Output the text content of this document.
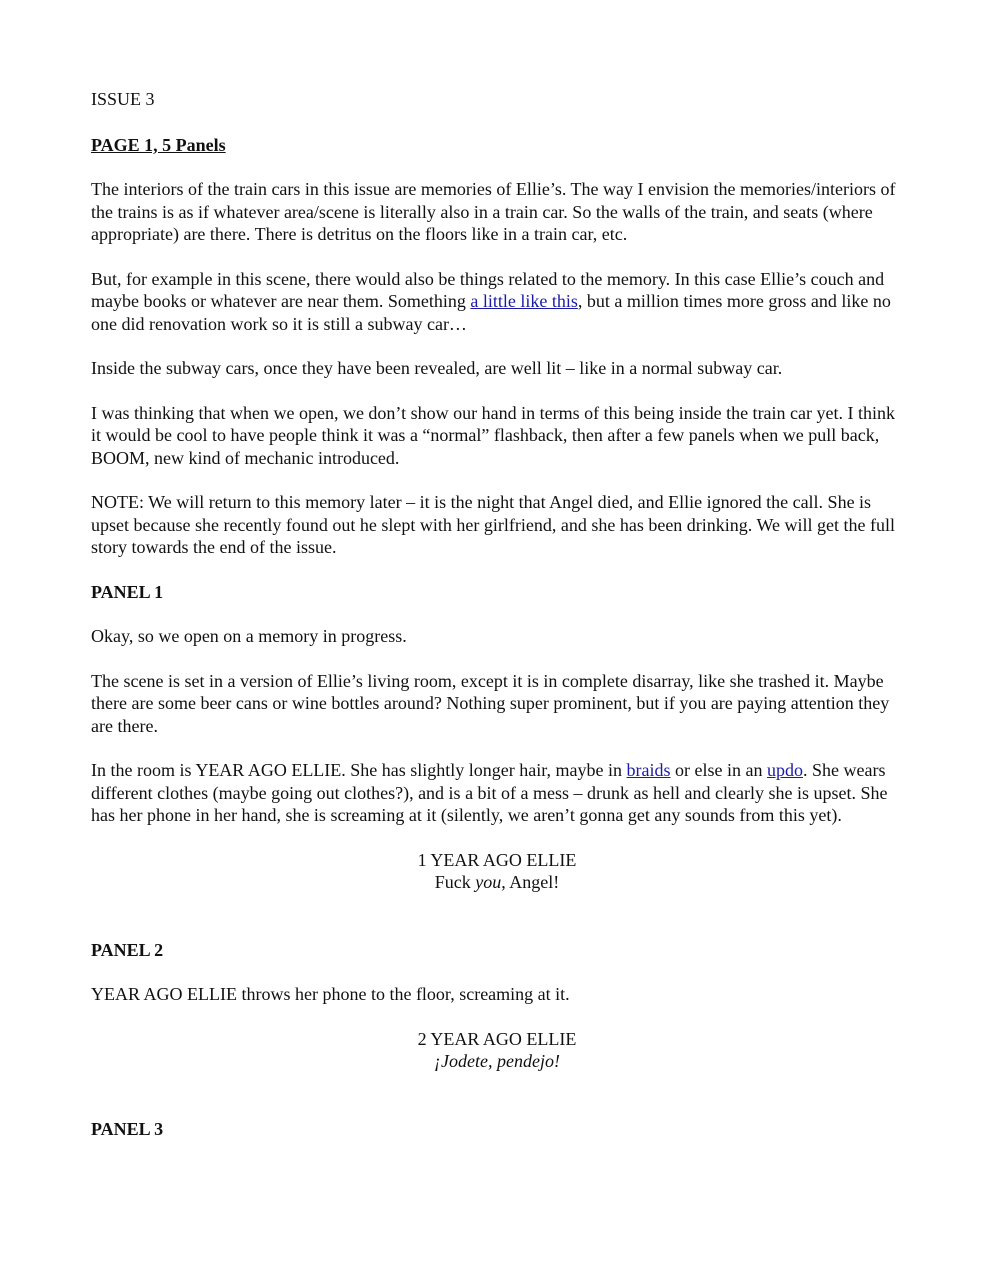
ISSUE 3

PAGE 1, 5 Panels

The interiors of the train cars in this issue are memories of Ellie’s. The way I envision the memories/interiors of the trains is as if whatever area/scene is literally also in a train car. So the walls of the train, and seats (where appropriate) are there. There is detritus on the floors like in a train car, etc.

But, for example in this scene, there would also be things related to the memory. In this case Ellie’s couch and maybe books or whatever are near them. Something a little like this, but a million times more gross and like no one did renovation work so it is still a subway car…

Inside the subway cars, once they have been revealed, are well lit – like in a normal subway car.

I was thinking that when we open, we don’t show our hand in terms of this being inside the train car yet. I think it would be cool to have people think it was a “normal” flashback, then after a few panels when we pull back, BOOM, new kind of mechanic introduced.

NOTE: We will return to this memory later – it is the night that Angel died, and Ellie ignored the call. She is upset because she recently found out he slept with her girlfriend, and she has been drinking. We will get the full story towards the end of the issue.

PANEL 1

Okay, so we open on a memory in progress.

The scene is set in a version of Ellie’s living room, except it is in complete disarray, like she trashed it. Maybe there are some beer cans or wine bottles around? Nothing super prominent, but if you are paying attention they are there.

In the room is YEAR AGO ELLIE. She has slightly longer hair, maybe in braids or else in an updo. She wears different clothes (maybe going out clothes?), and is a bit of a mess – drunk as hell and clearly she is upset. She has her phone in her hand, she is screaming at it (silently, we aren’t gonna get any sounds from this yet).

1 YEAR AGO ELLIE
Fuck you, Angel!

PANEL 2

YEAR AGO ELLIE throws her phone to the floor, screaming at it.

2 YEAR AGO ELLIE
¡Jodete, pendejo!

PANEL 3
